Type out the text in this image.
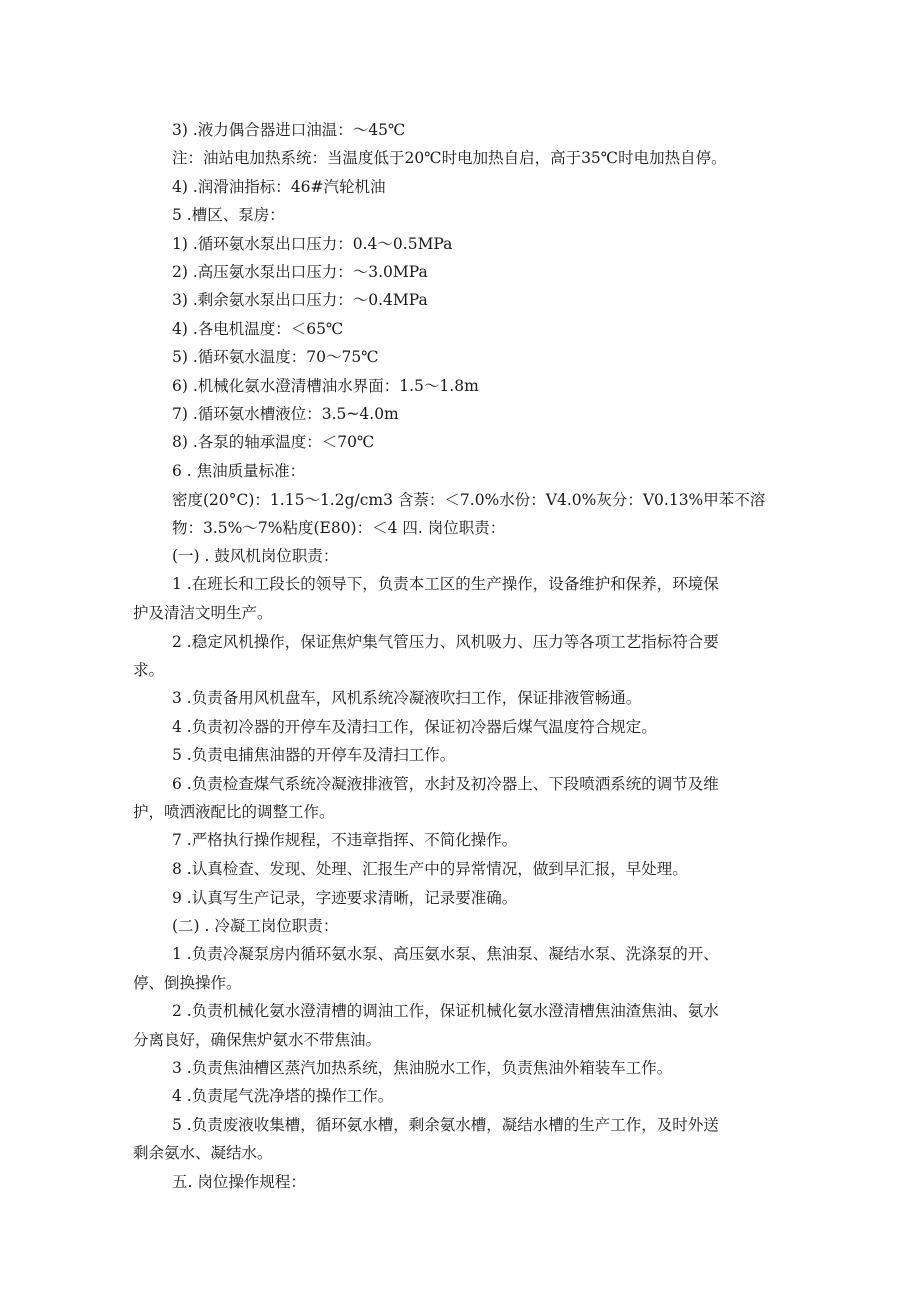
3) .液力偶合器进口油温：～45℃
注：油站电加热系统：当温度低于20℃时电加热自启，高于35℃时电加热自停。
4) .润滑油指标：46#汽轮机油
5 .槽区、泵房：
1) .循环氨水泵出口压力：0.4～0.5MPa
2) .高压氨水泵出口压力：～3.0MPa
3) .剩余氨水泵出口压力：～0.4MPa
4) .各电机温度：＜65℃
5) .循环氨水温度：70～75℃
6) .机械化氨水澄清槽油水界面：1.5～1.8m
7) .循环氨水槽液位：3.5~4.0m
8) .各泵的轴承温度：＜70℃
6 . 焦油质量标准：
密度(20°C)：1.15～1.2g/cm3 含萘：＜7.0%水份：V4.0%灰分：V0.13%甲苯不溶
物：3.5%～7%粘度(E80)：＜4 四. 岗位职责：
(一) . 鼓风机岗位职责：
1 .在班长和工段长的领导下，负责本工区的生产操作，设备维护和保养，环境保
护及清洁文明生产。
2 .稳定风机操作，保证焦炉集气管压力、风机吸力、压力等各项工艺指标符合要
求。
3 .负责备用风机盘车，风机系统冷凝液吹扫工作，保证排液管畅通。
4 .负责初冷器的开停车及清扫工作，保证初冷器后煤气温度符合规定。
5 .负责电捕焦油器的开停车及清扫工作。
6 .负责检查煤气系统冷凝液排液管，水封及初冷器上、下段喷洒系统的调节及维
护，喷洒液配比的调整工作。
7 .严格执行操作规程，不违章指挥、不简化操作。
8 .认真检查、发现、处理、汇报生产中的异常情况，做到早汇报，早处理。
9 .认真写生产记录，字迹要求清晰，记录要准确。
(二) . 冷凝工岗位职责：
1 .负责冷凝泵房内循环氨水泵、高压氨水泵、焦油泵、凝结水泵、洗涤泵的开、
停、倒换操作。
2 .负责机械化氨水澄清槽的调油工作，保证机械化氨水澄清槽焦油渣焦油、氨水
分离良好，确保焦炉氨水不带焦油。
3 .负责焦油槽区蒸汽加热系统，焦油脱水工作，负责焦油外箱装车工作。
4 .负责尾气洗净塔的操作工作。
5 .负责废液收集槽，循环氨水槽，剩余氨水槽，凝结水槽的生产工作，及时外送
剩余氨水、凝结水。
五. 岗位操作规程：
